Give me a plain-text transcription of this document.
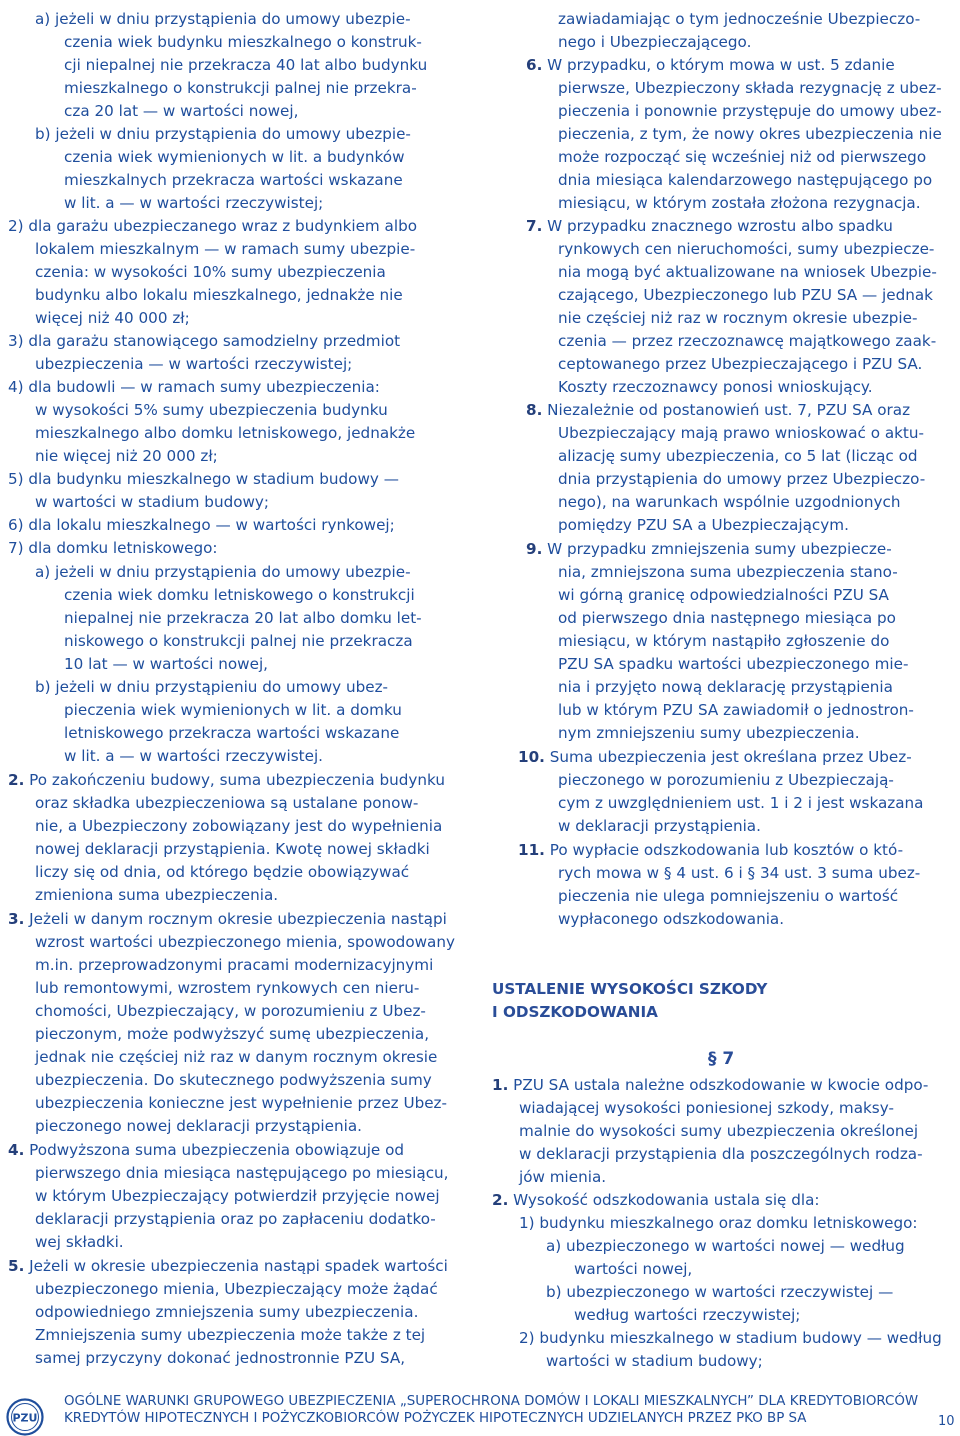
a) jeżeli w dniu przystąpienia do umowy ubezpie-
czenia wiek budynku mieszkalnego o konstruk-
cji niepalnej nie przekracza 40 lat albo budynku
mieszkalnego o konstrukcji palnej nie przekra-
cza 20 lat — w wartości nowej,
b) jeżeli w dniu przystąpienia do umowy ubezpie-
czenia wiek wymienionych w lit. a budynków
mieszkalnych przekracza wartości wskazane
w lit. a — w wartości rzeczywistej;
2) dla garażu ubezpieczanego wraz z budynkiem albo
lokalem mieszkalnym — w ramach sumy ubezpie-
czenia: w wysokości 10% sumy ubezpieczenia
budynku albo lokalu mieszkalnego, jednakże nie
więcej niż 40 000 zł;
3) dla garażu stanowiącego samodzielny przedmiot
ubezpieczenia — w wartości rzeczywistej;
4) dla budowli — w ramach sumy ubezpieczenia:
w wysokości 5% sumy ubezpieczenia budynku
mieszkalnego albo domku letniskowego, jednakże
nie więcej niż 20 000 zł;
5) dla budynku mieszkalnego w stadium budowy —
w wartości w stadium budowy;
6) dla lokalu mieszkalnego — w wartości rynkowej;
7) dla domku letniskowego:
a) jeżeli w dniu przystąpienia do umowy ubezpie-
czenia wiek domku letniskowego o konstrukcji
niepalnej nie przekracza 20 lat albo domku let-
niskowego o konstrukcji palnej nie przekracza
10 lat — w wartości nowej,
b) jeżeli w dniu przystąpieniu do umowy ubez-
pieczenia wiek wymienionych w lit. a domku
letniskowego przekracza wartości wskazane
w lit. a — w wartości rzeczywistej.
2. Po zakończeniu budowy, suma ubezpieczenia budynku
oraz składka ubezpieczeniowa są ustalane ponow-
nie, a Ubezpieczony zobowiązany jest do wypełnienia
nowej deklaracji przystąpienia. Kwotę nowej składki
liczy się od dnia, od którego będzie obowiązywać
zmieniona suma ubezpieczenia.
3. Jeżeli w danym rocznym okresie ubezpieczenia nastąpi
wzrost wartości ubezpieczonego mienia, spowodowany
m.in. przeprowadzonymi pracami modernizacyjnymi
lub remontowymi, wzrostem rynkowych cen nieru-
chomości, Ubezpieczający, w porozumieniu z Ubez-
pieczonym, może podwyższyć sumę ubezpieczenia,
jednak nie częściej niż raz w danym rocznym okresie
ubezpieczenia. Do skutecznego podwyższenia sumy
ubezpieczenia konieczne jest wypełnienie przez Ubez-
pieczonego nowej deklaracji przystąpienia.
4. Podwyższona suma ubezpieczenia obowiązuje od
pierwszego dnia miesiąca następującego po miesiącu,
w którym Ubezpieczający potwierdził przyjęcie nowej
deklaracji przystąpienia oraz po zapłaceniu dodatko-
wej składki.
5. Jeżeli w okresie ubezpieczenia nastąpi spadek wartości
ubezpieczonego mienia, Ubezpieczający może żądać
odpowiedniego zmniejszenia sumy ubezpieczenia.
Zmniejszenia sumy ubezpieczenia może także z tej
samej przyczyny dokonać jednostronnie PZU SA,
zawiadamiając o tym jednocześnie Ubezpieczo-
nego i Ubezpieczającego.
6. W przypadku, o którym mowa w ust. 5 zdanie
pierwsze, Ubezpieczony składa rezygnację z ubez-
pieczenia i ponownie przystępuje do umowy ubez-
pieczenia, z tym, że nowy okres ubezpieczenia nie
może rozpocząć się wcześniej niż od pierwszego
dnia miesiąca kalendarzowego następującego po
miesiącu, w którym została złożona rezygnacja.
7. W przypadku znacznego wzrostu albo spadku
rynkowych cen nieruchomości, sumy ubezpiecze-
nia mogą być aktualizowane na wniosek Ubezpie-
czającego, Ubezpieczonego lub PZU SA — jednak
nie częściej niż raz w rocznym okresie ubezpie-
czenia — przez rzeczoznawcę majątkowego zaak-
ceptowanego przez Ubezpieczającego i PZU SA.
Koszty rzeczoznawcy ponosi wnioskujący.
8. Niezależnie od postanowień ust. 7, PZU SA oraz
Ubezpieczający mają prawo wnioskować o aktu-
alizację sumy ubezpieczenia, co 5 lat (licząc od
dnia przystąpienia do umowy przez Ubezpieczo-
nego), na warunkach wspólnie uzgodnionych
pomiędzy PZU SA a Ubezpieczającym.
9. W przypadku zmniejszenia sumy ubezpiecze-
nia, zmniejszona suma ubezpieczenia stano-
wi górną granicę odpowiedzialności PZU SA
od pierwszego dnia następnego miesiąca po
miesiącu, w którym nastąpiło zgłoszenie do
PZU SA spadku wartości ubezpieczonego mie-
nia i przyjęto nową deklarację przystąpienia
lub w którym PZU SA zawiadomił o jednostron-
nym zmniejszeniu sumy ubezpieczenia.
10. Suma ubezpieczenia jest określana przez Ubez-
pieczonego w porozumieniu z Ubezpieczają-
cym z uwzględnieniem ust. 1 i 2 i jest wskazana
w deklaracji przystąpienia.
11. Po wypłacie odszkodowania lub kosztów o któ-
rych mowa w § 4 ust. 6 i § 34 ust. 3 suma ubez-
pieczenia nie ulega pomniejszeniu o wartość
wypłaconego odszkodowania.
USTALENIE WYSOKOŚCI SZKODY
I ODSZKODOWANIA
§ 7
1. PZU SA ustala należne odszkodowanie w kwocie odpo-
wiadającej wysokości poniesionej szkody, maksy-
malnie do wysokości sumy ubezpieczenia określonej
w deklaracji przystąpienia dla poszczególnych rodza-
jów mienia.
2. Wysokość odszkodowania ustala się dla:
1) budynku mieszkalnego oraz domku letniskowego:
a) ubezpieczonego w wartości nowej — według
wartości nowej,
b) ubezpieczonego w wartości rzeczywistej —
według wartości rzeczywistej;
2) budynku mieszkalnego w stadium budowy — według
wartości w stadium budowy;
PZU
OGÓLNE WARUNKI GRUPOWEGO UBEZPIECZENIA „SUPEROCHRONA DOMÓW I LOKALI MIESZKALNYCH” DLA KREDYTOBIORCÓW
KREDYTÓW HIPOTECZNYCH I POŻYCZKOBIORCÓW POŻYCZEK HIPOTECZNYCH UDZIELANYCH PRZEZ PKO BP SA	10
